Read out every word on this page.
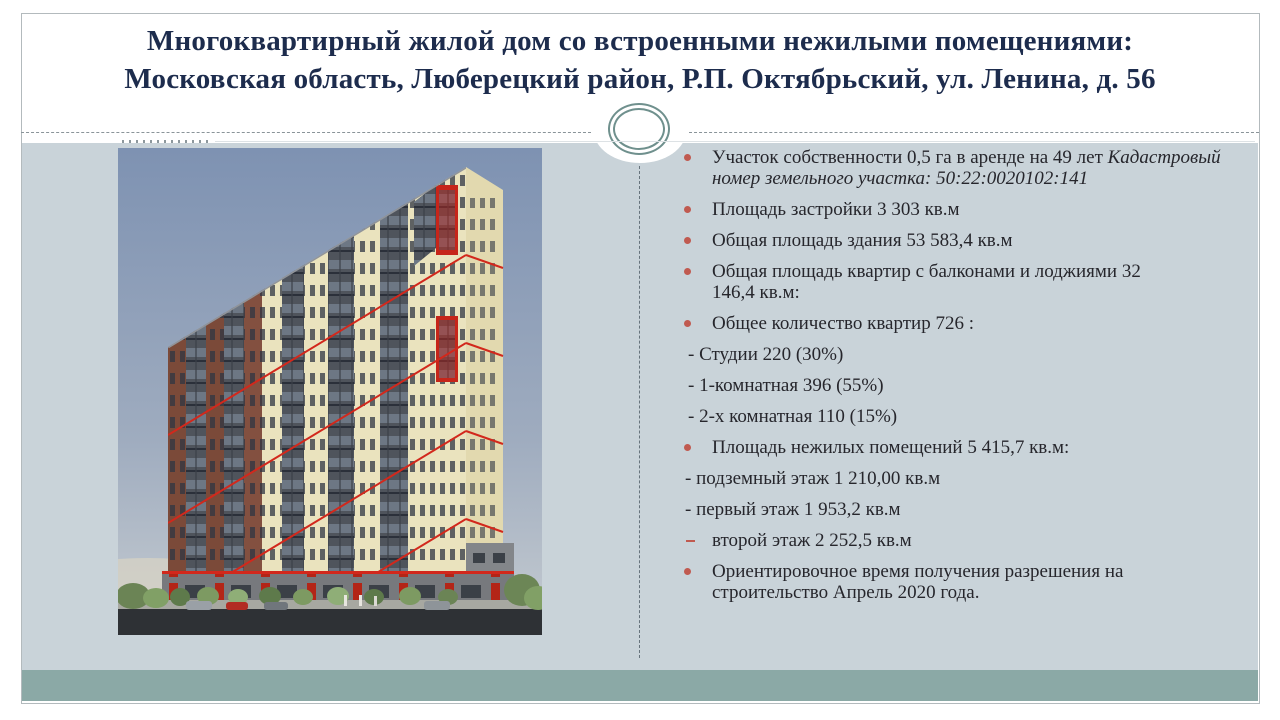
Многоквартирный жилой дом со встроенными нежилыми помещениями:
Московская область, Люберецкий район, Р.П. Октябрьский, ул. Ленина, д. 56
Участок собственности 0,5 га в аренде на 49 лет Кадастровый
номер земельного участка: 50:22:0020102:141
Площадь застройки 3 303 кв.м
Общая площадь здания 53 583,4 кв.м
Общая площадь квартир с балконами и лоджиями 32
146,4 кв.м:
Общее количество квартир 726 :
- Студии 220 (30%)
- 1-комнатная 396 (55%)
- 2-х комнатная 110 (15%)
Площадь нежилых помещений 5 415,7 кв.м:
- подземный этаж 1 210,00 кв.м
- первый этаж 1 953,2 кв.м
второй этаж 2 252,5 кв.м
Ориентировочное время получения разрешения на
строительство Апрель 2020 года.
